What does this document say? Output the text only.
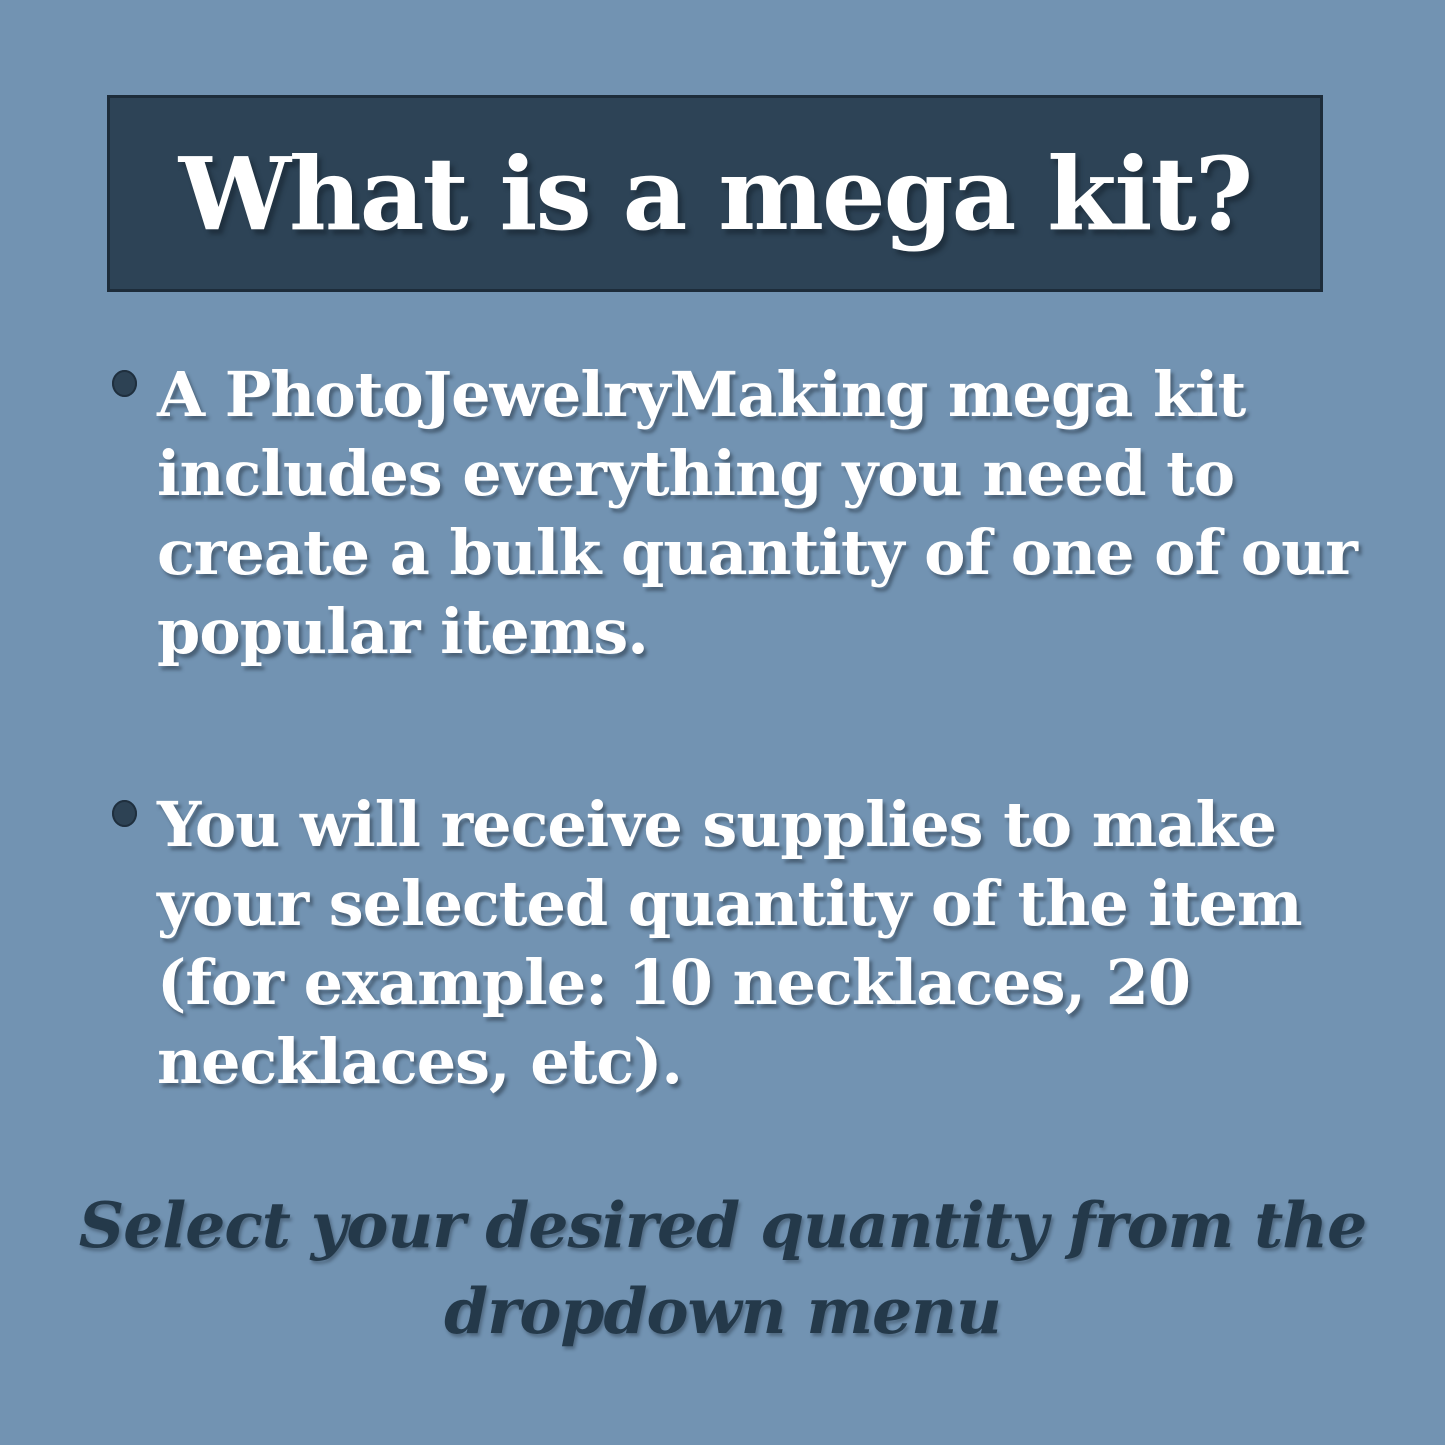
What is a mega kit?
A PhotoJewelryMaking mega kit
includes everything you need to
create a bulk quantity of one of our
popular items.
You will receive supplies to make
your selected quantity of the item
(for example: 10 necklaces, 20
necklaces, etc).
Select your desired quantity from the
dropdown menu
